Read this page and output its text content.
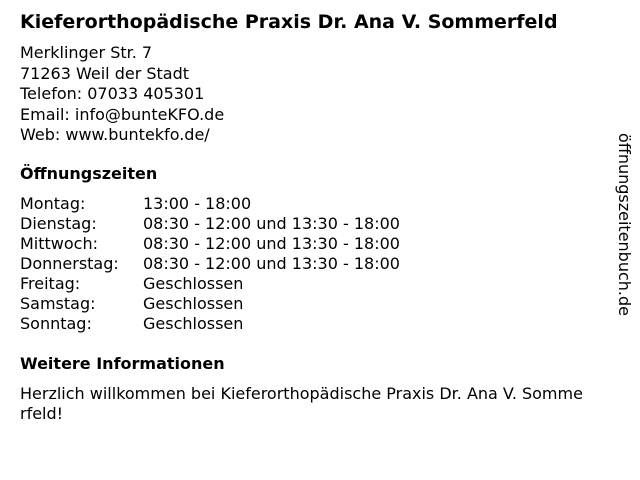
Kieferorthopädische Praxis Dr. Ana V. Sommerfeld
Merklinger Str. 7
71263 Weil der Stadt
Telefon: 07033 405301
Email: info@bunteKFO.de
Web: www.buntekfo.de/
Öffnungszeiten
Montag:	13:00 - 18:00
Dienstag:	08:30 - 12:00 und 13:30 - 18:00
Mittwoch:	08:30 - 12:00 und 13:30 - 18:00
Donnerstag:	08:30 - 12:00 und 13:30 - 18:00
Freitag:	Geschlossen
Samstag:	Geschlossen
Sonntag:	Geschlossen
Weitere Informationen
Herzlich willkommen bei Kieferorthopädische Praxis Dr. Ana V. Somme
rfeld!
öffnungszeitenbuch.de
